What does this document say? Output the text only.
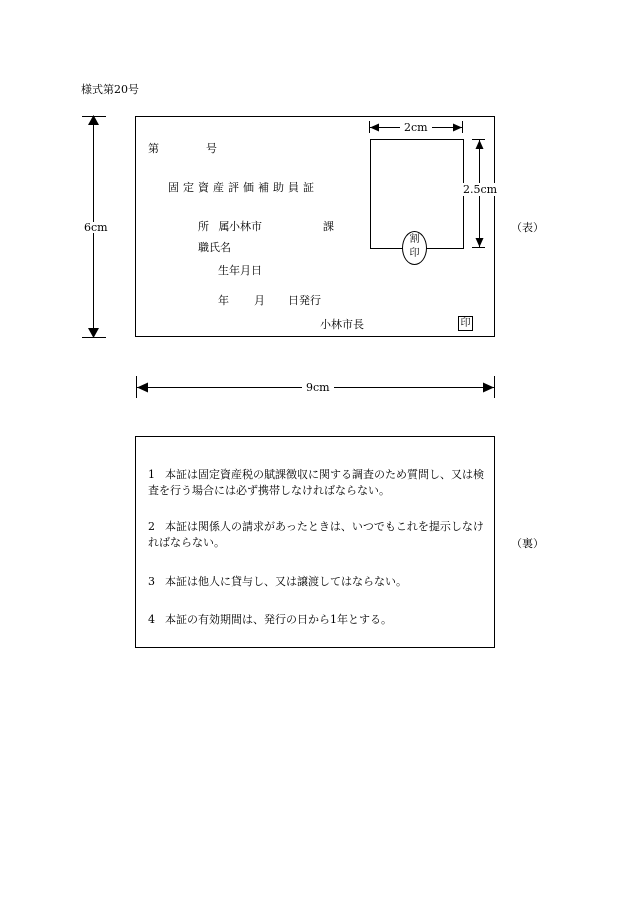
様式第20号
6cm
第	号
固定資産評価補助員証
所 属 小林市	課
職氏名
生年月日
年 月 日発行
小林市長	印
割
印
2cm
2.5cm
（表）
9cm
1 本証は固定資産税の賦課徴収に関する調査のため質問し、又は検査を行う場合には必ず携帯しなければならない。
2 本証は関係人の請求があったときは、いつでもこれを提示しなければならない。
3 本証は他人に貸与し、又は譲渡してはならない。
4 本証の有効期間は、発行の日から1年とする。
（裏）
